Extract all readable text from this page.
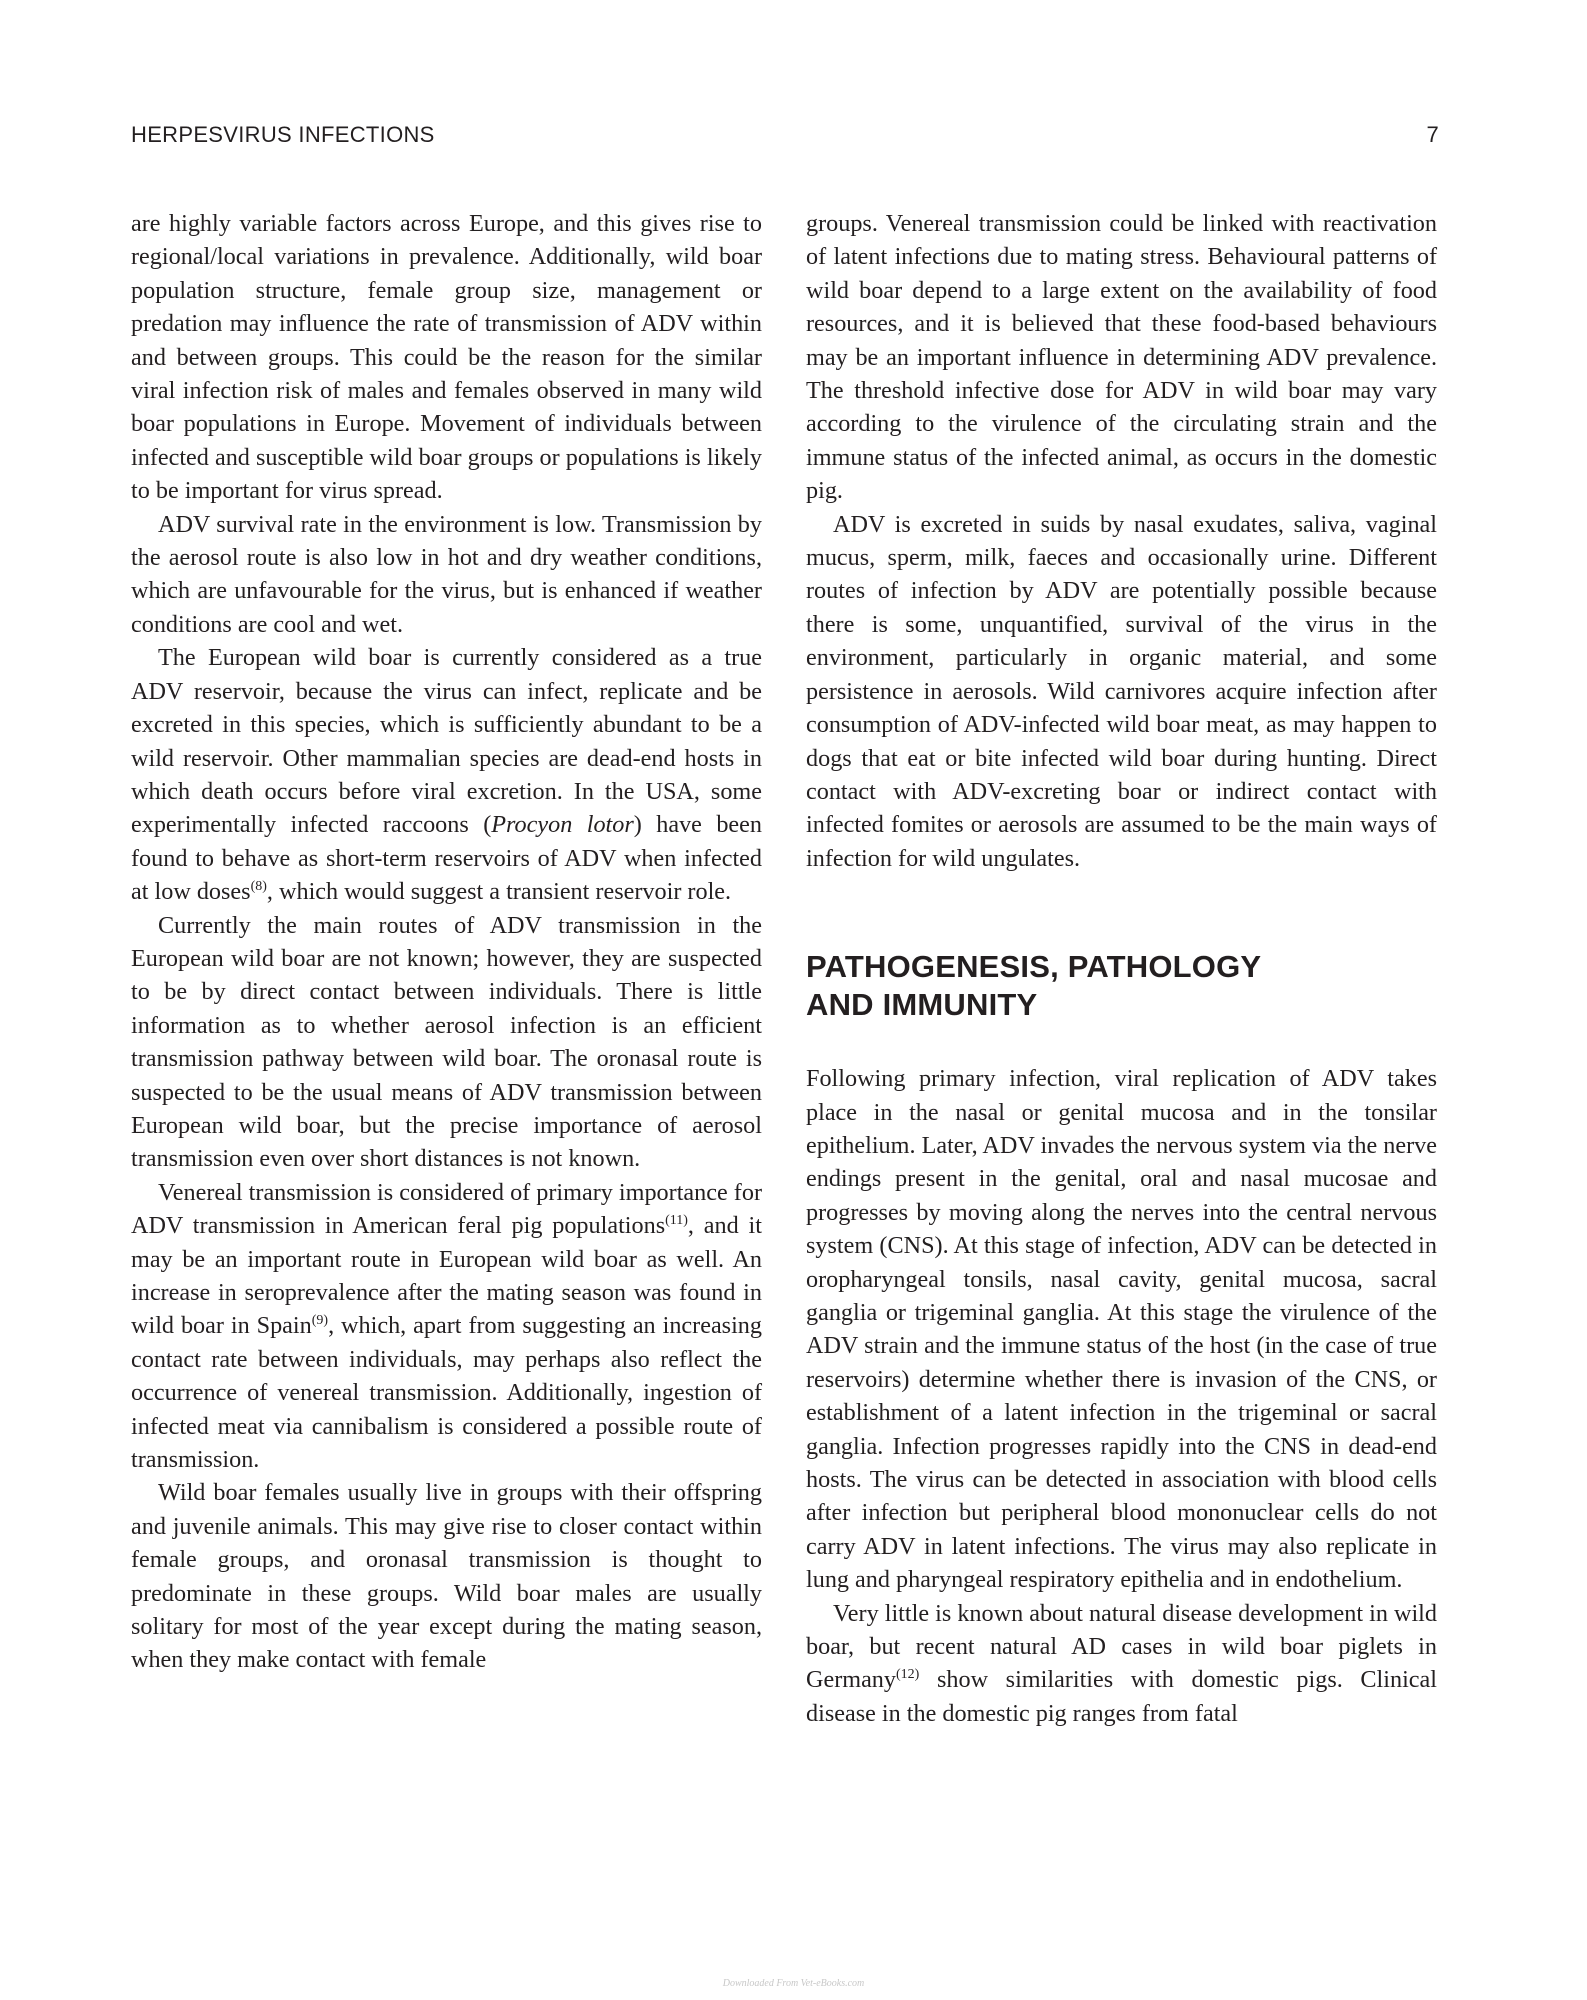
HERPESVIRUS INFECTIONS	7

are highly variable factors across Europe, and this gives rise to regional/local variations in prevalence. Additionally, wild boar population structure, female group size, management or predation may influence the rate of transmission of ADV within and between groups. This could be the reason for the similar viral infection risk of males and females observed in many wild boar populations in Europe. Movement of individuals between infected and susceptible wild boar groups or populations is likely to be important for virus spread.

ADV survival rate in the environment is low. Transmission by the aerosol route is also low in hot and dry weather conditions, which are unfavourable for the virus, but is enhanced if weather conditions are cool and wet.

The European wild boar is currently considered as a true ADV reservoir, because the virus can infect, replicate and be excreted in this species, which is sufficiently abundant to be a wild reservoir. Other mammalian species are dead-end hosts in which death occurs before viral excretion. In the USA, some experimentally infected raccoons (Procyon lotor) have been found to behave as short-term reservoirs of ADV when infected at low doses$^{(8)}$, which would suggest a transient reservoir role.

Currently the main routes of ADV transmission in the European wild boar are not known; however, they are suspected to be by direct contact between individuals. There is little information as to whether aerosol infection is an efficient transmission pathway between wild boar. The oronasal route is suspected to be the usual means of ADV transmission between European wild boar, but the precise importance of aerosol transmission even over short distances is not known.

Venereal transmission is considered of primary importance for ADV transmission in American feral pig populations$^{(11)}$, and it may be an important route in European wild boar as well. An increase in seroprevalence after the mating season was found in wild boar in Spain$^{(9)}$, which, apart from suggesting an increasing contact rate between individuals, may perhaps also reflect the occurrence of venereal transmission. Additionally, ingestion of infected meat via cannibalism is considered a possible route of transmission.

Wild boar females usually live in groups with their offspring and juvenile animals. This may give rise to closer contact within female groups, and oronasal transmission is thought to predominate in these groups. Wild boar males are usually solitary for most of the year except during the mating season, when they make contact with female

groups. Venereal transmission could be linked with reactivation of latent infections due to mating stress. Behavioural patterns of wild boar depend to a large extent on the availability of food resources, and it is believed that these food-based behaviours may be an important influence in determining ADV prevalence. The threshold infective dose for ADV in wild boar may vary according to the virulence of the circulating strain and the immune status of the infected animal, as occurs in the domestic pig.

ADV is excreted in suids by nasal exudates, saliva, vaginal mucus, sperm, milk, faeces and occasionally urine. Different routes of infection by ADV are potentially possible because there is some, unquantified, survival of the virus in the environment, particularly in organic material, and some persistence in aerosols. Wild carnivores acquire infection after consumption of ADV-infected wild boar meat, as may happen to dogs that eat or bite infected wild boar during hunting. Direct contact with ADV-excreting boar or indirect contact with infected fomites or aerosols are assumed to be the main ways of infection for wild ungulates.

PATHOGENESIS, PATHOLOGY
AND IMMUNITY

Following primary infection, viral replication of ADV takes place in the nasal or genital mucosa and in the tonsilar epithelium. Later, ADV invades the nervous system via the nerve endings present in the genital, oral and nasal mucosae and progresses by moving along the nerves into the central nervous system (CNS). At this stage of infection, ADV can be detected in oropharyngeal tonsils, nasal cavity, genital mucosa, sacral ganglia or trigeminal ganglia. At this stage the virulence of the ADV strain and the immune status of the host (in the case of true reservoirs) determine whether there is invasion of the CNS, or establishment of a latent infection in the trigeminal or sacral ganglia. Infection progresses rapidly into the CNS in dead-end hosts. The virus can be detected in association with blood cells after infection but peripheral blood mononuclear cells do not carry ADV in latent infections. The virus may also replicate in lung and pharyngeal respiratory epithelia and in endothelium.

Very little is known about natural disease development in wild boar, but recent natural AD cases in wild boar piglets in Germany$^{(12)}$ show similarities with domestic pigs. Clinical disease in the domestic pig ranges from fatal

Downloaded From Vet-eBooks.com
